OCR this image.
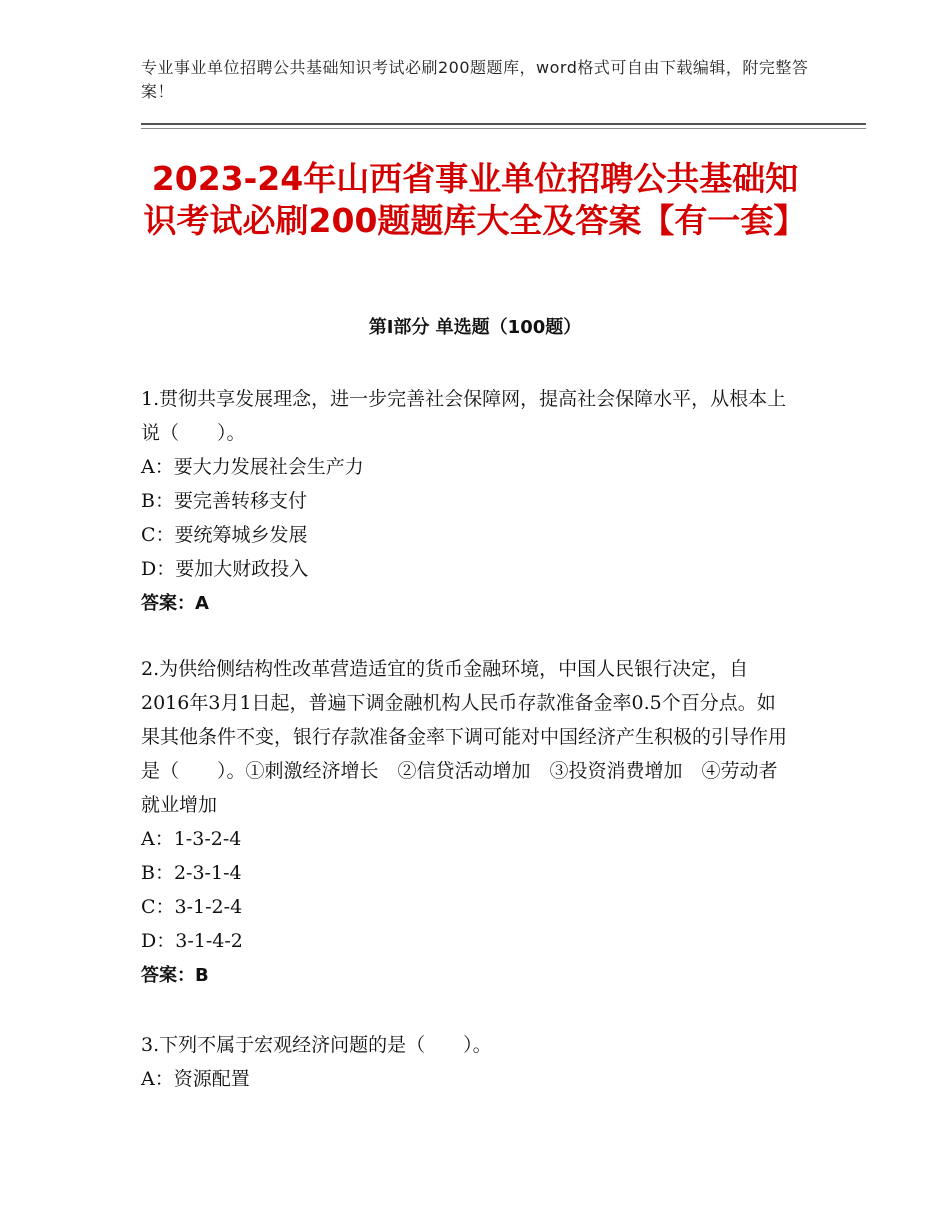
专业事业单位招聘公共基础知识考试必刷200题题库，word格式可自由下载编辑，附完整答案！
2023-24年山西省事业单位招聘公共基础知识考试必刷200题题库大全及答案【有一套】
第Ⅰ部分 单选题（100题）

1.贯彻共享发展理念，进一步完善社会保障网，提高社会保障水平，从根本上说（　　）。

A：要大力发展社会生产力

B：要完善转移支付

C：要统筹城乡发展

D：要加大财政投入

答案：A

2.为供给侧结构性改革营造适宜的货币金融环境，中国人民银行决定，自2016年3月1日起，普遍下调金融机构人民币存款准备金率0.5个百分点。如果其他条件不变，银行存款准备金率下调可能对中国经济产生积极的引导作用是（　　）。①刺激经济增长　②信贷活动增加　③投资消费增加　④劳动者就业增加

A：1-3-2-4

B：2-3-1-4

C：3-1-2-4

D：3-1-4-2

答案：B

3.下列不属于宏观经济问题的是（　　）。

A：资源配置
